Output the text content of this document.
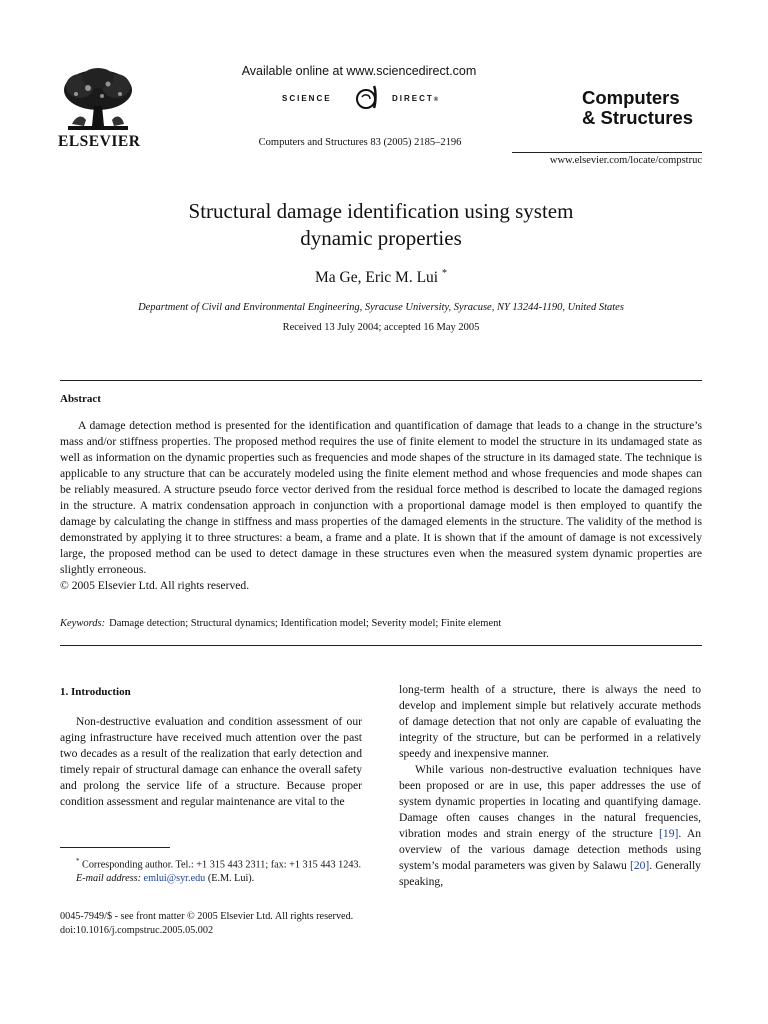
ELSEVIER
Available online at www.sciencedirect.com
SCIENCE	DIRECT®
Computers and Structures 83 (2005) 2185–2196
Computers
& Structures
www.elsevier.com/locate/compstruc
Structural damage identification using system
dynamic properties
Ma Ge, Eric M. Lui *
Department of Civil and Environmental Engineering, Syracuse University, Syracuse, NY 13244-1190, United States
Received 13 July 2004; accepted 16 May 2005
Abstract

A damage detection method is presented for the identification and quantification of damage that leads to a change in the structure’s mass and/or stiffness properties. The proposed method requires the use of finite element to model the structure in its undamaged state as well as information on the dynamic properties such as frequencies and mode shapes of the structure in its damaged state. The technique is applicable to any structure that can be accurately modeled using the finite element method and whose frequencies and mode shapes can be reliably measured. A structure pseudo force vector derived from the residual force method is described to locate the damaged regions in the structure. A matrix condensation approach in conjunction with a proportional damage model is then employed to quantify the damage by calculating the change in stiffness and mass properties of the damaged elements in the structure. The validity of the method is demonstrated by applying it to three structures: a beam, a frame and a plate. It is shown that if the amount of damage is not excessively large, the proposed method can be used to detect damage in these structures even when the measured system dynamic properties are slightly erroneous.

© 2005 Elsevier Ltd. All rights reserved.
Keywords: Damage detection; Structural dynamics; Identification model; Severity model; Finite element
1. Introduction

Non-destructive evaluation and condition assessment of our aging infrastructure have received much attention over the past two decades as a result of the realization that early detection and timely repair of structural damage can enhance the overall safety and prolong the service life of a structure. Because proper condition assessment and regular maintenance are vital to the

long-term health of a structure, there is always the need to develop and implement simple but relatively accurate methods of damage detection that not only are capable of evaluating the integrity of the structure, but can be performed in a relatively speedy and inexpensive manner.

While various non-destructive evaluation techniques have been proposed or are in use, this paper addresses the use of system dynamic properties in locating and quantifying damage. Damage often causes changes in the natural frequencies, vibration modes and strain energy of the structure [19]. An overview of the various damage detection methods using system’s modal parameters was given by Salawu [20]. Generally speaking,

* Corresponding author. Tel.: +1 315 443 2311; fax: +1 315 443 1243.

E-mail address: emlui@syr.edu (E.M. Lui).

0045-7949/$ - see front matter © 2005 Elsevier Ltd. All rights reserved.
doi:10.1016/j.compstruc.2005.05.002
